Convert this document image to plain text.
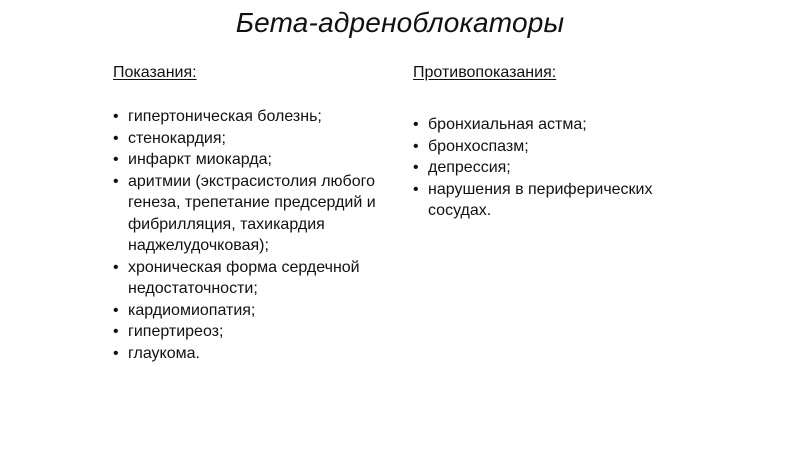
Бета-адреноблокаторы
Показания:
• гипертоническая болезнь;
• стенокардия;
• инфаркт миокарда;
• аритмии (экстрасистолия любого генеза, трепетание предсердий и фибрилляция, тахикардия наджелудочковая);
• хроническая форма сердечной недостаточности;
• кардиомиопатия;
• гипертиреоз;
• глаукома.
Противопоказания:
• бронхиальная астма;
• бронхоспазм;
• депрессия;
• нарушения в периферических сосудах.
